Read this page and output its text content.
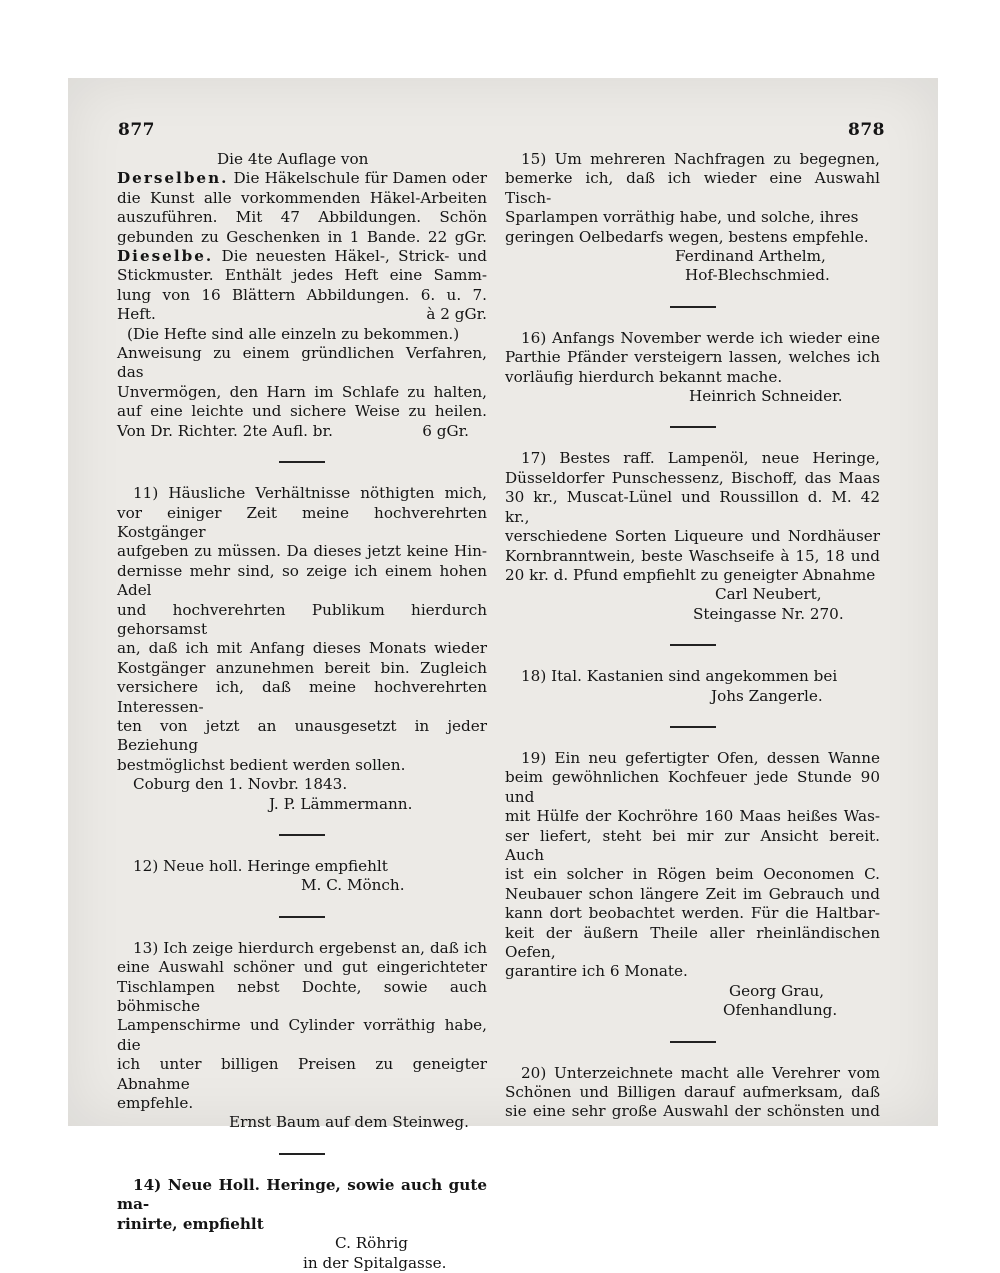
877	878

Die 4te Auflage von
Derselben. Die Häkelschule für Damen oder
die Kunst alle vorkommenden Häkel-Arbeiten
auszuführen. Mit 47 Abbildungen. Schön
gebunden zu Geschenken in 1 Bande. 22 gGr.
Dieselbe. Die neuesten Häkel-, Strick- und
Stickmuster. Enthält jedes Heft eine Samm-
lung von 16 Blättern Abbildungen. 6. u. 7.
Heft.	à 2 gGr.
(Die Hefte sind alle einzeln zu bekommen.)
Anweisung zu einem gründlichen Verfahren, das
Unvermögen, den Harn im Schlafe zu halten,
auf eine leichte und sichere Weise zu heilen.
Von Dr. Richter. 2te Aufl. br.	6 gGr.

11) Häusliche Verhältnisse nöthigten mich,
vor einiger Zeit meine hochverehrten Kostgänger
aufgeben zu müssen. Da dieses jetzt keine Hin-
dernisse mehr sind, so zeige ich einem hohen Adel
und hochverehrten Publikum hierdurch gehorsamst
an, daß ich mit Anfang dieses Monats wieder
Kostgänger anzunehmen bereit bin. Zugleich
versichere ich, daß meine hochverehrten Interessen-
ten von jetzt an unausgesetzt in jeder Beziehung
bestmöglichst bedient werden sollen.
Coburg den 1. Novbr. 1843.
J. P. Lämmermann.

12) Neue holl. Heringe empfiehlt
M. C. Mönch.

13) Ich zeige hierdurch ergebenst an, daß ich
eine Auswahl schöner und gut eingerichteter
Tischlampen nebst Dochte, sowie auch böhmische
Lampenschirme und Cylinder vorräthig habe, die
ich unter billigen Preisen zu geneigter Abnahme
empfehle.
Ernst Baum auf dem Steinweg.

14) Neue Holl. Heringe, sowie auch gute ma-
rinirte, empfiehlt
C. Röhrig
in der Spitalgasse.

15) Um mehreren Nachfragen zu begegnen,
bemerke ich, daß ich wieder eine Auswahl Tisch-
Sparlampen vorräthig habe, und solche, ihres
geringen Oelbedarfs wegen, bestens empfehle.
Ferdinand Arthelm,
Hof-Blechschmied.

16) Anfangs November werde ich wieder eine
Parthie Pfänder versteigern lassen, welches ich
vorläufig hierdurch bekannt mache.
Heinrich Schneider.

17) Bestes raff. Lampenöl, neue Heringe,
Düsseldorfer Punschessenz, Bischoff, das Maas
30 kr., Muscat-Lünel und Roussillon d. M. 42 kr.,
verschiedene Sorten Liqueure und Nordhäuser
Kornbranntwein, beste Waschseife à 15, 18 und
20 kr. d. Pfund empfiehlt zu geneigter Abnahme
Carl Neubert,
Steingasse Nr. 270.

18) Ital. Kastanien sind angekommen bei
Johs Zangerle.

19) Ein neu gefertigter Ofen, dessen Wanne
beim gewöhnlichen Kochfeuer jede Stunde 90 und
mit Hülfe der Kochröhre 160 Maas heißes Was-
ser liefert, steht bei mir zur Ansicht bereit. Auch
ist ein solcher in Rögen beim Oeconomen C.
Neubauer schon längere Zeit im Gebrauch und
kann dort beobachtet werden. Für die Haltbar-
keit der äußern Theile aller rheinländischen Oefen,
garantire ich 6 Monate.
Georg Grau,
Ofenhandlung.

20) Unterzeichnete macht alle Verehrer vom
Schönen und Billigen darauf aufmerksam, daß
sie eine sehr große Auswahl der schönsten und
